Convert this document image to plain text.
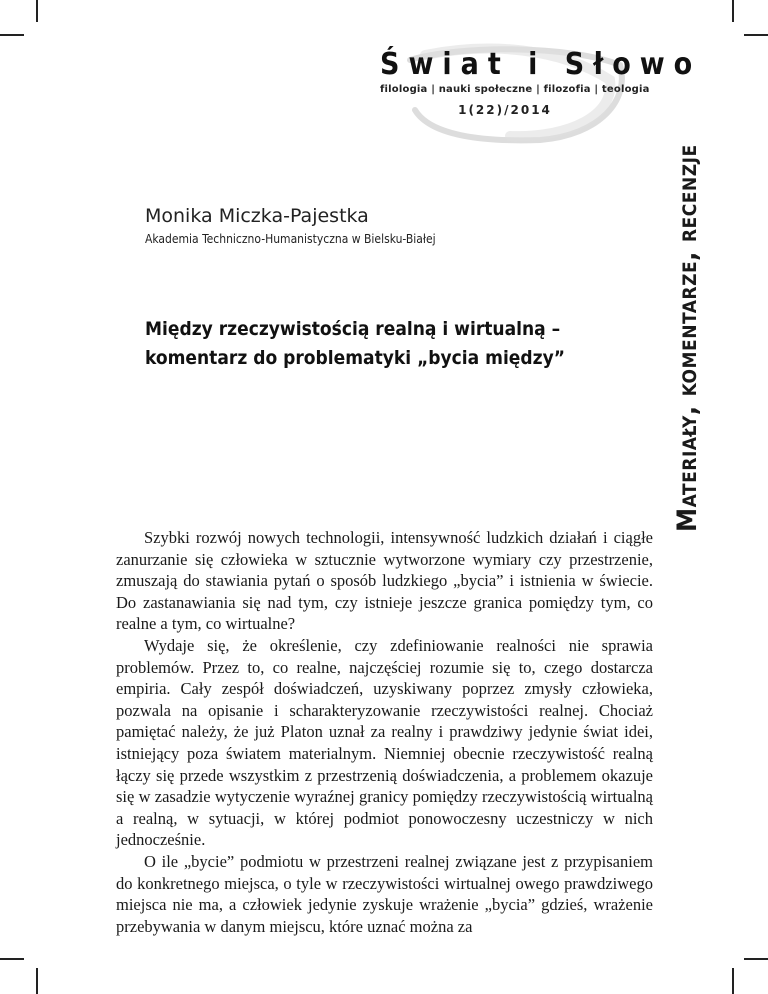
Świat i Słowo
filologia | nauki społeczne | filozofia | teologia
1(22)/2014
Materiały, komentarze, recenzje
Monika Miczka-Pajestka
Akademia Techniczno-Humanistyczna w Bielsku-Białej
Między rzeczywistością realną i wirtualną –
komentarz do problematyki „bycia między”

Szybki rozwój nowych technologii, intensywność ludzkich działań i ciągłe zanurzanie się człowieka w sztucznie wytworzone wymiary czy przestrzenie, zmuszają do stawiania pytań o sposób ludzkiego „bycia” i istnienia w świecie. Do zastanawiania się nad tym, czy istnieje jeszcze granica pomiędzy tym, co realne a tym, co wirtualne?

Wydaje się, że określenie, czy zdefiniowanie realności nie sprawia problemów. Przez to, co realne, najczęściej rozumie się to, czego dostarcza empiria. Cały zespół doświadczeń, uzyskiwany poprzez zmysły człowieka, pozwala na opisanie i scharakteryzowanie rzeczywistości realnej. Chociaż pamiętać należy, że już Platon uznał za realny i prawdziwy jedynie świat idei, istniejący poza światem materialnym. Niemniej obecnie rzeczywistość realną łączy się przede wszystkim z przestrzenią doświadczenia, a problemem okazuje się w zasadzie wytyczenie wyraźnej granicy pomiędzy rzeczywistością wirtualną a realną, w sytuacji, w której podmiot ponowoczesny uczestniczy w nich jednocześnie.

O ile „bycie” podmiotu w przestrzeni realnej związane jest z przypisaniem do konkretnego miejsca, o tyle w rzeczywistości wirtualnej owego prawdziwego miejsca nie ma, a człowiek jedynie zyskuje wrażenie „bycia” gdzieś, wrażenie przebywania w danym miejscu, które uznać można za
